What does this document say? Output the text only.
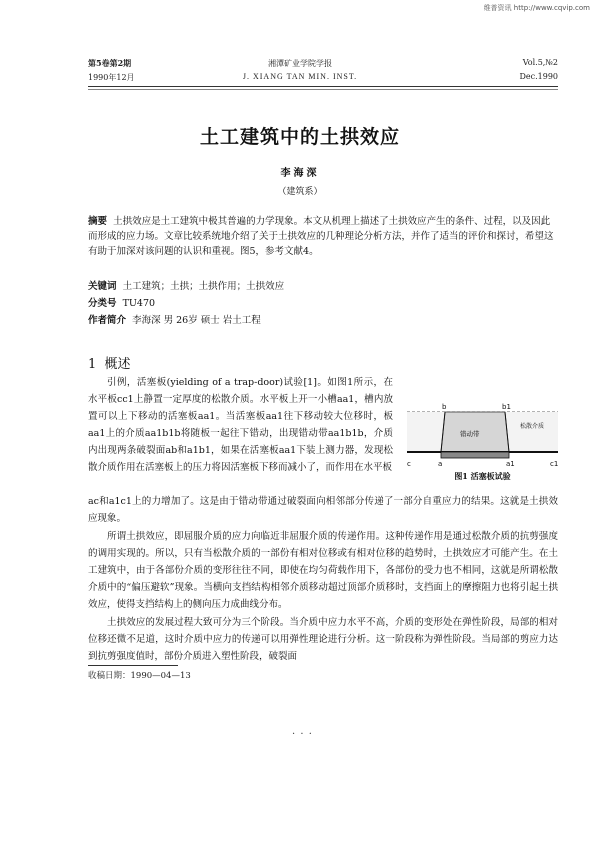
维普资讯 http://www.cqvip.com
第5卷第2期
1990年12月
湘潭矿业学院学报
J. XIANG TAN MIN. INST.
Vol.5,№2
Dec.1990
土工建筑中的土拱效应
李海深
（建筑系）
摘要 土拱效应是土工建筑中极其普遍的力学现象。本文从机理上描述了土拱效应产生的条件、过程，以及因此而形成的应力场。文章比较系统地介绍了关于土拱效应的几种理论分析方法，并作了适当的评价和探讨，希望这有助于加深对该问题的认识和重视。图5，参考文献4。
关键词 土工建筑；土拱；土拱作用；土拱效应
分类号 TU470
作者简介 李海深 男 26岁 硕士 岩土工程
1 概述
引例，活塞板(yielding of a trap-door)试验[1]。如图1所示，在水平板cc1上静置一定厚度的松散介质。水平板上开一小槽aa1，槽内放置可以上下移动的活塞板aa1。当活塞板aa1往下移动较大位移时，板aa1上的介质aa1b1b将随板一起往下错动，出现错动带aa1b1b，介质内出现两条破裂面ab和a1b1，如果在活塞板aa1下装上测力器，发现松散介质作用在活塞板上的压力将因活塞板下移而减小了，而作用在水平板
b	b1
a	a1
c	c1
错动带
松散介质
图1 活塞板试验
ac和a1c1上的力增加了。这是由于错动带通过破裂面向相邻部分传递了一部分自重应力的结果。这就是土拱效应现象。
所谓土拱效应，即屈服介质的应力向临近非屈服介质的传递作用。这种传递作用是通过松散介质的抗剪强度的调用实现的。所以，只有当松散介质的一部份有相对位移或有相对位移的趋势时，土拱效应才可能产生。在土工建筑中，由于各部份介质的变形往往不同，即使在均匀荷载作用下，各部份的受力也不相同，这就是所谓松散介质中的“偏压避软”现象。当横向支挡结构相邻介质移动超过顶部介质移时，支挡面上的摩擦阻力也将引起土拱效应，使得支挡结构上的侧向压力成曲线分布。
土拱效应的发展过程大致可分为三个阶段。当介质中应力水平不高，介质的变形处在弹性阶段，局部的相对位移还微不足道，这时介质中应力的传递可以用弹性理论进行分析。这一阶段称为弹性阶段。当局部的剪应力达到抗剪强度值时，部份介质进入塑性阶段，破裂面
收稿日期：1990—04—13
· · ·
